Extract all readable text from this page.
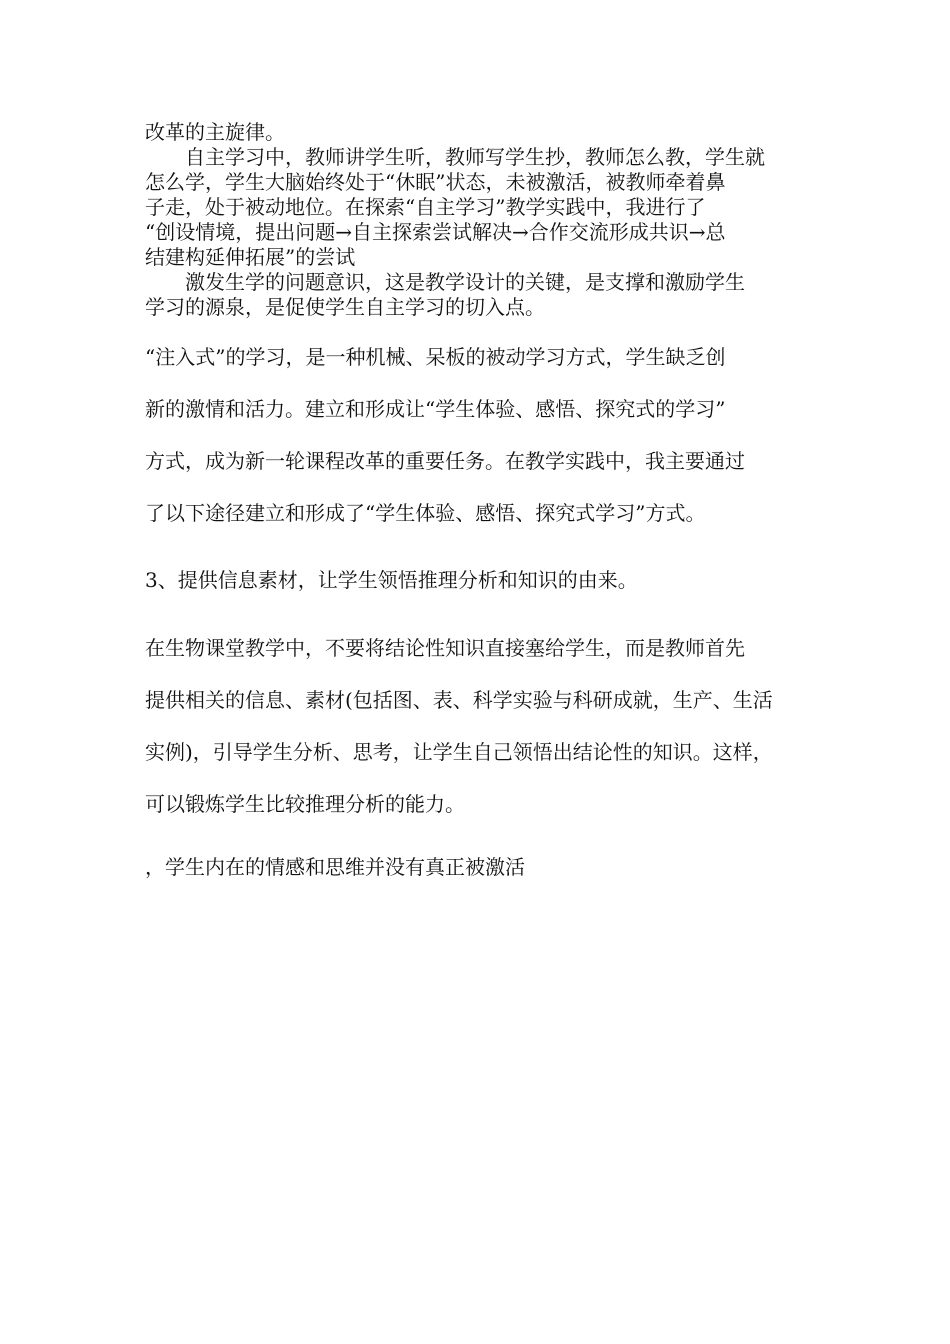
改革的主旋律。
自主学习中，教师讲学生听，教师写学生抄，教师怎么教，学生就
怎么学，学生大脑始终处于“休眠”状态，未被激活，被教师牵着鼻
子走，处于被动地位。在探索“自主学习”教学实践中，我进行了
“创设情境，提出问题→自主探索尝试解决→合作交流形成共识→总
结建构延伸拓展”的尝试
激发生学的问题意识，这是教学设计的关键，是支撑和激励学生
学习的源泉，是促使学生自主学习的切入点。
“注入式”的学习，是一种机械、呆板的被动学习方式，学生缺乏创
新的激情和活力。建立和形成让“学生体验、感悟、探究式的学习”
方式，成为新一轮课程改革的重要任务。在教学实践中，我主要通过
了以下途径建立和形成了“学生体验、感悟、探究式学习”方式。

3、提供信息素材，让学生领悟推理分析和知识的由来。

在生物课堂教学中，不要将结论性知识直接塞给学生，而是教师首先
提供相关的信息、素材(包括图、表、科学实验与科研成就，生产、生活
实例)，引导学生分析、思考，让学生自己领悟出结论性的知识。这样，
可以锻炼学生比较推理分析的能力。

，学生内在的情感和思维并没有真正被激活
